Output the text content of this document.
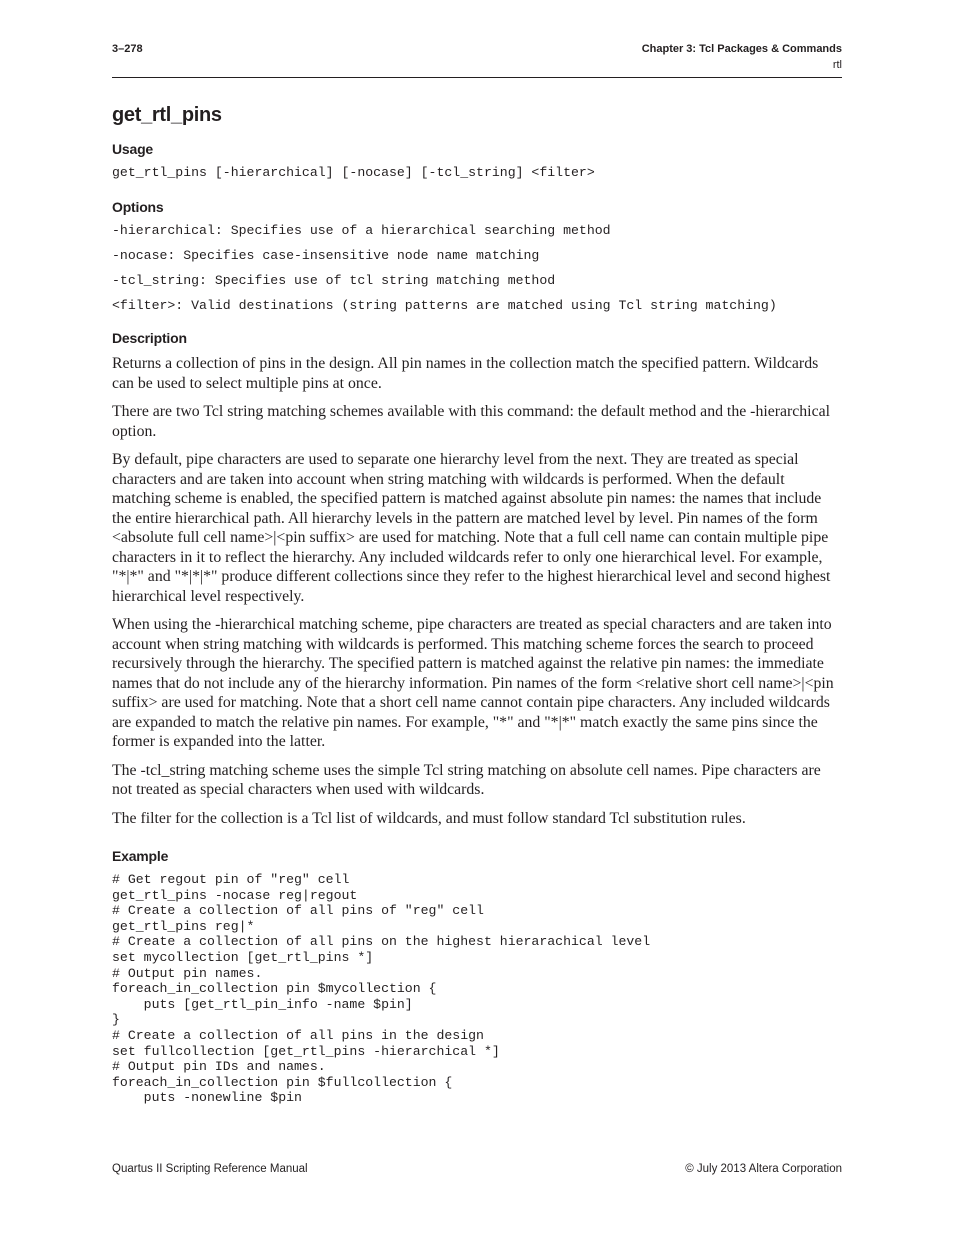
3–278	Chapter 3: Tcl Packages & Commands
rtl
get_rtl_pins
Usage
get_rtl_pins [-hierarchical] [-nocase] [-tcl_string] <filter>
Options
-hierarchical: Specifies use of a hierarchical searching method
-nocase: Specifies case-insensitive node name matching
-tcl_string: Specifies use of tcl string matching method
<filter>: Valid destinations (string patterns are matched using Tcl string matching)
Description

Returns a collection of pins in the design. All pin names in the collection match the specified pattern. Wildcards can be used to select multiple pins at once.

There are two Tcl string matching schemes available with this command: the default method and the -hierarchical option.

By default, pipe characters are used to separate one hierarchy level from the next. They are treated as special characters and are taken into account when string matching with wildcards is performed. When the default matching scheme is enabled, the specified pattern is matched against absolute pin names: the names that include the entire hierarchical path. All hierarchy levels in the pattern are matched level by level. Pin names of the form <absolute full cell name>|<pin suffix> are used for matching. Note that a full cell name can contain multiple pipe characters in it to reflect the hierarchy. Any included wildcards refer to only one hierarchical level. For example, "*|*" and "*|*|*" produce different collections since they refer to the highest hierarchical level and second highest hierarchical level respectively.

When using the -hierarchical matching scheme, pipe characters are treated as special characters and are taken into account when string matching with wildcards is performed. This matching scheme forces the search to proceed recursively through the hierarchy. The specified pattern is matched against the relative pin names: the immediate names that do not include any of the hierarchy information. Pin names of the form <relative short cell name>|<pin suffix> are used for matching. Note that a short cell name cannot contain pipe characters. Any included wildcards are expanded to match the relative pin names. For example, "*" and "*|*" match exactly the same pins since the former is expanded into the latter.

The -tcl_string matching scheme uses the simple Tcl string matching on absolute cell names. Pipe characters are not treated as special characters when used with wildcards.

The filter for the collection is a Tcl list of wildcards, and must follow standard Tcl substitution rules.

Example
# Get regout pin of "reg" cell
get_rtl_pins -nocase reg|regout
# Create a collection of all pins of "reg" cell
get_rtl_pins reg|*
# Create a collection of all pins on the highest hierarachical level
set mycollection [get_rtl_pins *]
# Output pin names.
foreach_in_collection pin $mycollection {
puts [get_rtl_pin_info -name $pin]
}
# Create a collection of all pins in the design
set fullcollection [get_rtl_pins -hierarchical *]
# Output pin IDs and names.
foreach_in_collection pin $fullcollection {
puts -nonewline $pin
Quartus II Scripting Reference Manual	© July 2013 Altera Corporation
